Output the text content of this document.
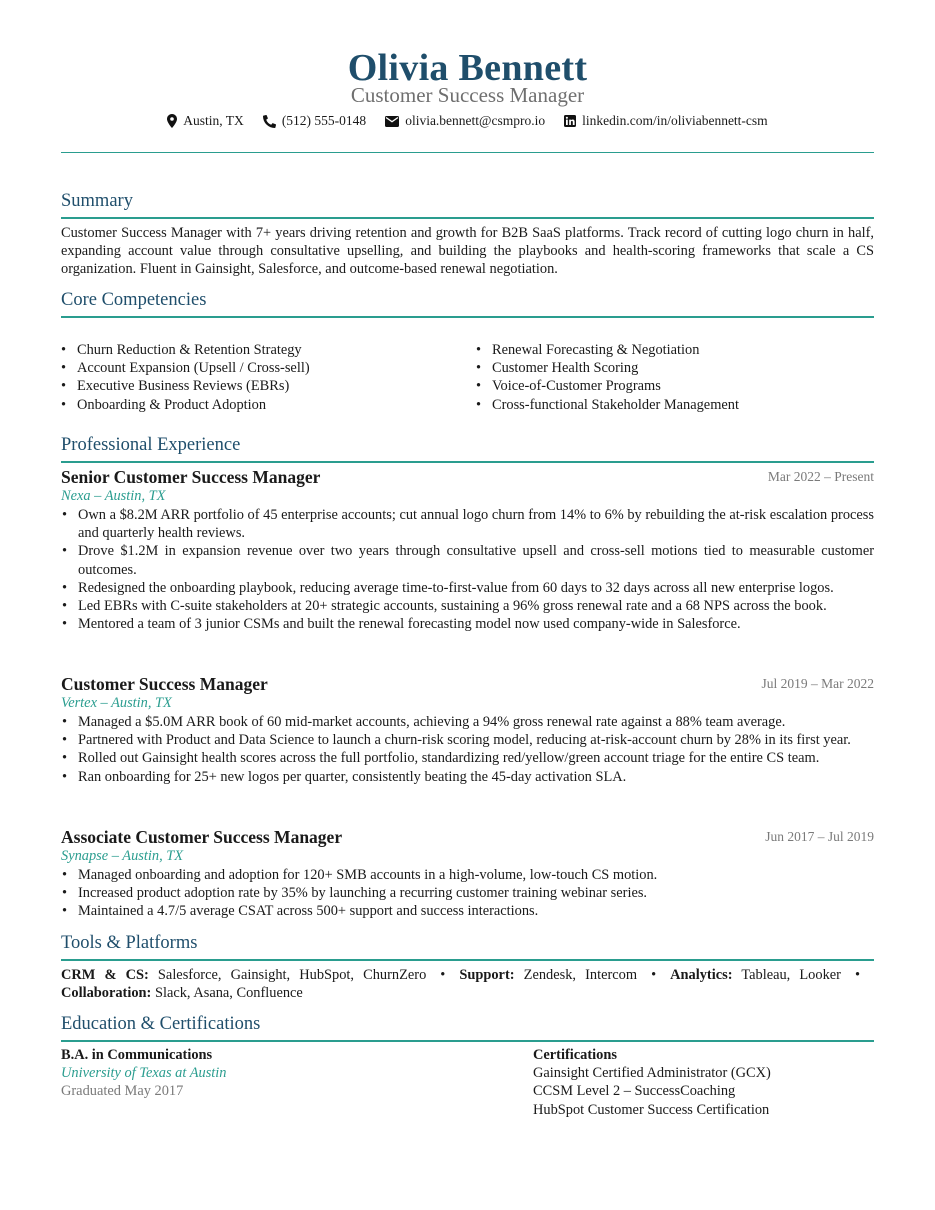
Olivia Bennett
Customer Success Manager
Austin, TX	(512) 555-0148	olivia.bennett@csmpro.io	linkedin.com/in/oliviabennett-csm
Summary
Customer Success Manager with 7+ years driving retention and growth for B2B SaaS platforms. Track record of cutting logo churn in half, expanding account value through consultative upselling, and building the playbooks and health-scoring frameworks that scale a CS organization. Fluent in Gainsight, Salesforce, and outcome-based renewal negotiation.
Core Competencies
• Churn Reduction & Retention Strategy
• Account Expansion (Upsell / Cross-sell)
• Executive Business Reviews (EBRs)
• Onboarding & Product Adoption
• Renewal Forecasting & Negotiation
• Customer Health Scoring
• Voice-of-Customer Programs
• Cross-functional Stakeholder Management
Professional Experience
Senior Customer Success Manager	Mar 2022 – Present
Nexa – Austin, TX
• Own a $8.2M ARR portfolio of 45 enterprise accounts; cut annual logo churn from 14% to 6% by rebuilding the at-risk escalation process and quarterly health reviews.
• Drove $1.2M in expansion revenue over two years through consultative upsell and cross-sell motions tied to measurable customer outcomes.
• Redesigned the onboarding playbook, reducing average time-to-first-value from 60 days to 32 days across all new enterprise logos.
• Led EBRs with C-suite stakeholders at 20+ strategic accounts, sustaining a 96% gross renewal rate and a 68 NPS across the book.
• Mentored a team of 3 junior CSMs and built the renewal forecasting model now used company-wide in Salesforce.
Customer Success Manager	Jul 2019 – Mar 2022
Vertex – Austin, TX
• Managed a $5.0M ARR book of 60 mid-market accounts, achieving a 94% gross renewal rate against a 88% team average.
• Partnered with Product and Data Science to launch a churn-risk scoring model, reducing at-risk-account churn by 28% in its first year.
• Rolled out Gainsight health scores across the full portfolio, standardizing red/yellow/green account triage for the entire CS team.
• Ran onboarding for 25+ new logos per quarter, consistently beating the 45-day activation SLA.
Associate Customer Success Manager	Jun 2017 – Jul 2019
Synapse – Austin, TX
• Managed onboarding and adoption for 120+ SMB accounts in a high-volume, low-touch CS motion.
• Increased product adoption rate by 35% by launching a recurring customer training webinar series.
• Maintained a 4.7/5 average CSAT across 500+ support and success interactions.
Tools & Platforms
CRM & CS: Salesforce, Gainsight, HubSpot, ChurnZero • Support: Zendesk, Intercom • Analytics: Tableau, Looker •Collaboration: Slack, Asana, Confluence
Education & Certifications
B.A. in Communications
University of Texas at Austin
Graduated May 2017
Certifications
Gainsight Certified Administrator (GCX)
CCSM Level 2 – SuccessCoaching
HubSpot Customer Success Certification
